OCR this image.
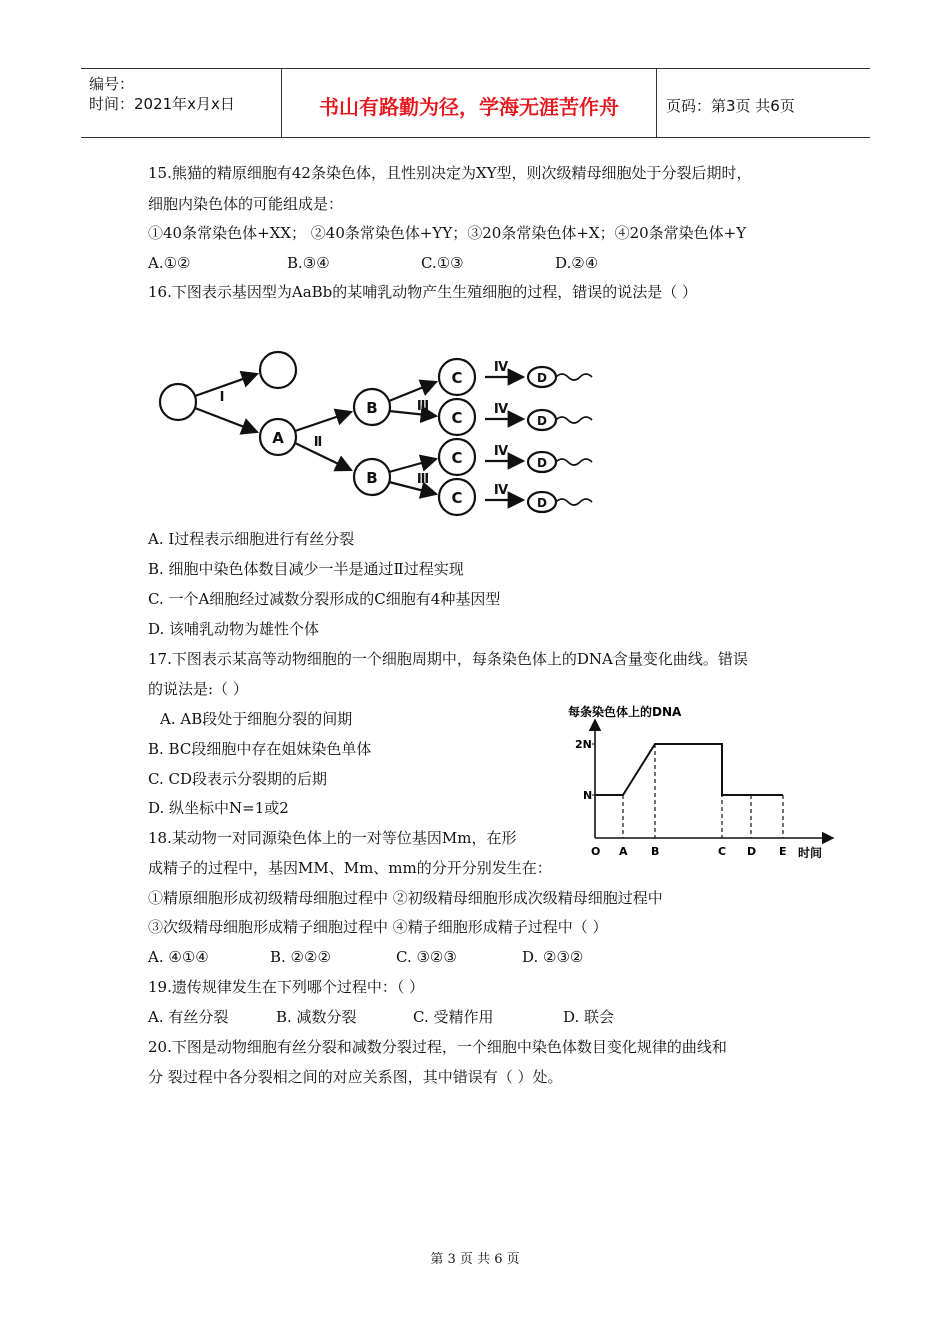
编号：
时间：2021年x月x日	书山有路勤为径，学海无涯苦作舟	页码：第3页 共6页
15.熊猫的精原细胞有42条染色体，且性别决定为XY型，则次级精母细胞处于分裂后期时，
细胞内染色体的可能组成是：
①40条常染色体+XX； ②40条常染色体+YY；③20条常染色体+X；④20条常染色体+Y
A.①②	B.③④	C.①③	D.②④
16.下图表示基因型为AaBb的某哺乳动物产生生殖细胞的过程，错误的说法是（ ）
A
B
B
C
C
C
C
D
D
D
D
Ⅰ
Ⅱ
Ⅲ
Ⅲ
Ⅳ
Ⅳ
Ⅳ
Ⅳ
A. Ⅰ过程表示细胞进行有丝分裂
B. 细胞中染色体数目减少一半是通过Ⅱ过程实现
C. 一个A细胞经过减数分裂形成的C细胞有4种基因型
D. 该哺乳动物为雄性个体
17.下图表示某高等动物细胞的一个细胞周期中，每条染色体上的DNA含量变化曲线。错误
的说法是:（ ）
A. AB段处于细胞分裂的间期
B. BC段细胞中存在姐妹染色单体
C. CD段表示分裂期的后期
D. 纵坐标中N=1或2
每条染色体上的DNA
O A B	C D E
N
2N
时间
18.某动物一对同源染色体上的一对等位基因Mm，在形
成精子的过程中，基因MM、Mm、mm的分开分别发生在：
①精原细胞形成初级精母细胞过程中 ②初级精母细胞形成次级精母细胞过程中
③次级精母细胞形成精子细胞过程中 ④精子细胞形成精子过程中（ ）
A. ④①④	B. ②②②	C. ③②③	D. ②③②
19.遗传规律发生在下列哪个过程中：（ ）
A. 有丝分裂	B. 减数分裂	C. 受精作用	D. 联会
20.下图是动物细胞有丝分裂和减数分裂过程，一个细胞中染色体数目变化规律的曲线和
分 裂过程中各分裂相之间的对应关系图，其中错误有（ ）处。
第 3 页 共 6 页
